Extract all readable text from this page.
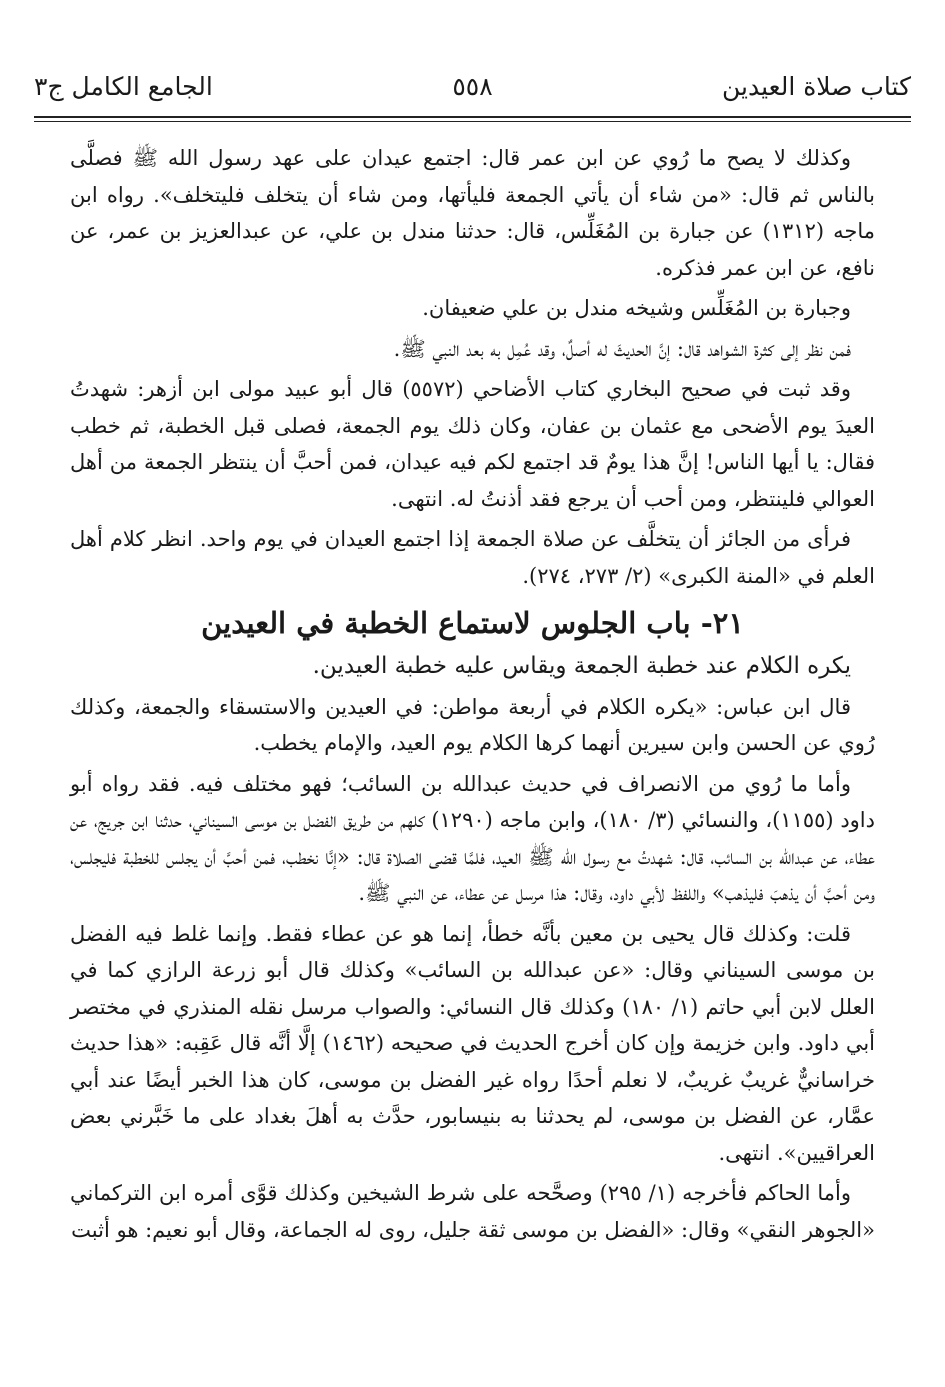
كتاب صلاة العيدين
٥٥٨
الجامع الكامل ج٣

وكذلك لا يصح ما رُوي عن ابن عمر قال: اجتمع عيدان على عهد رسول الله ﷺ فصلَّى بالناس ثم قال: «من شاء أن يأتي الجمعة فليأتها، ومن شاء أن يتخلف فليتخلف». رواه ابن ماجه (١٣١٢) عن جبارة بن المُغَلِّس، قال: حدثنا مندل بن علي، عن عبدالعزيز بن عمر، عن نافع، عن ابن عمر فذكره.

وجبارة بن المُغَلِّس وشيخه مندل بن علي ضعيفان.

فمن نظر إلى كثرة الشواهد قال: إنَّ الحديثَ له أصلٌ، وقد عُمِل به بعد النبي ﷺ.

وقد ثبت في صحيح البخاري كتاب الأضاحي (٥٥٧٢) قال أبو عبيد مولى ابن أزهر: شهدتُ العيدَ يوم الأضحى مع عثمان بن عفان، وكان ذلك يوم الجمعة، فصلى قبل الخطبة، ثم خطب فقال: يا أيها الناس! إنَّ هذا يومٌ قد اجتمع لكم فيه عيدان، فمن أحبَّ أن ينتظر الجمعة من أهل العوالي فلينتظر، ومن أحب أن يرجع فقد أذنتُ له. انتهى.

فرأى من الجائز أن يتخلَّف عن صلاة الجمعة إذا اجتمع العيدان في يوم واحد. انظر كلام أهل العلم في «المنة الكبرى» (٢/ ٢٧٣، ٢٧٤).

٢١- باب الجلوس لاستماع الخطبة في العيدين

يكره الكلام عند خطبة الجمعة ويقاس عليه خطبة العيدين.

قال ابن عباس: «يكره الكلام في أربعة مواطن: في العيدين والاستسقاء والجمعة، وكذلك رُوي عن الحسن وابن سيرين أنهما كرها الكلام يوم العيد، والإمام يخطب.

وأما ما رُوي من الانصراف في حديث عبدالله بن السائب؛ فهو مختلف فيه. فقد رواه أبو داود (١١٥٥)، والنسائي (٣/ ١٨٠)، وابن ماجه (١٢٩٠) كلهم من طريق الفضل بن موسى السيناني، حدثنا ابن جريج، عن عطاء، عن عبدالله بن السائب، قال: شهدتُ مع رسول الله ﷺ العيد، فلمَّا قضى الصلاة قال: «إنَّا نخطب، فمن أحبَّ أن يجلس للخطبة فليجلس، ومن أحبَّ أن يذهبَ فليذهب» واللفظ لأبي داود، وقال: هذا مرسل عن عطاء، عن النبي ﷺ.

قلت: وكذلك قال يحيى بن معين بأنَّه خطأ، إنما هو عن عطاء فقط. وإنما غلط فيه الفضل بن موسى السيناني وقال: «عن عبدالله بن السائب» وكذلك قال أبو زرعة الرازي كما في العلل لابن أبي حاتم (١/ ١٨٠) وكذلك قال النسائي: والصواب مرسل نقله المنذري في مختصر أبي داود. وابن خزيمة وإن كان أخرج الحديث في صحيحه (١٤٦٢) إلَّا أنَّه قال عَقِبه: «هذا حديث خراسانيٌّ غريبٌ غريبٌ، لا نعلم أحدًا رواه غير الفضل بن موسى، كان هذا الخبر أيضًا عند أبي عمَّار، عن الفضل بن موسى، لم يحدثنا به بنيسابور، حدَّث به أهلَ بغداد على ما خَبَّرني بعض العراقيين». انتهى.

وأما الحاكم فأخرجه (١/ ٢٩٥) وصحَّحه على شرط الشيخين وكذلك قوَّى أمره ابن التركماني «الجوهر النقي» وقال: «الفضل بن موسى ثقة جليل، روى له الجماعة، وقال أبو نعيم: هو أثبت
